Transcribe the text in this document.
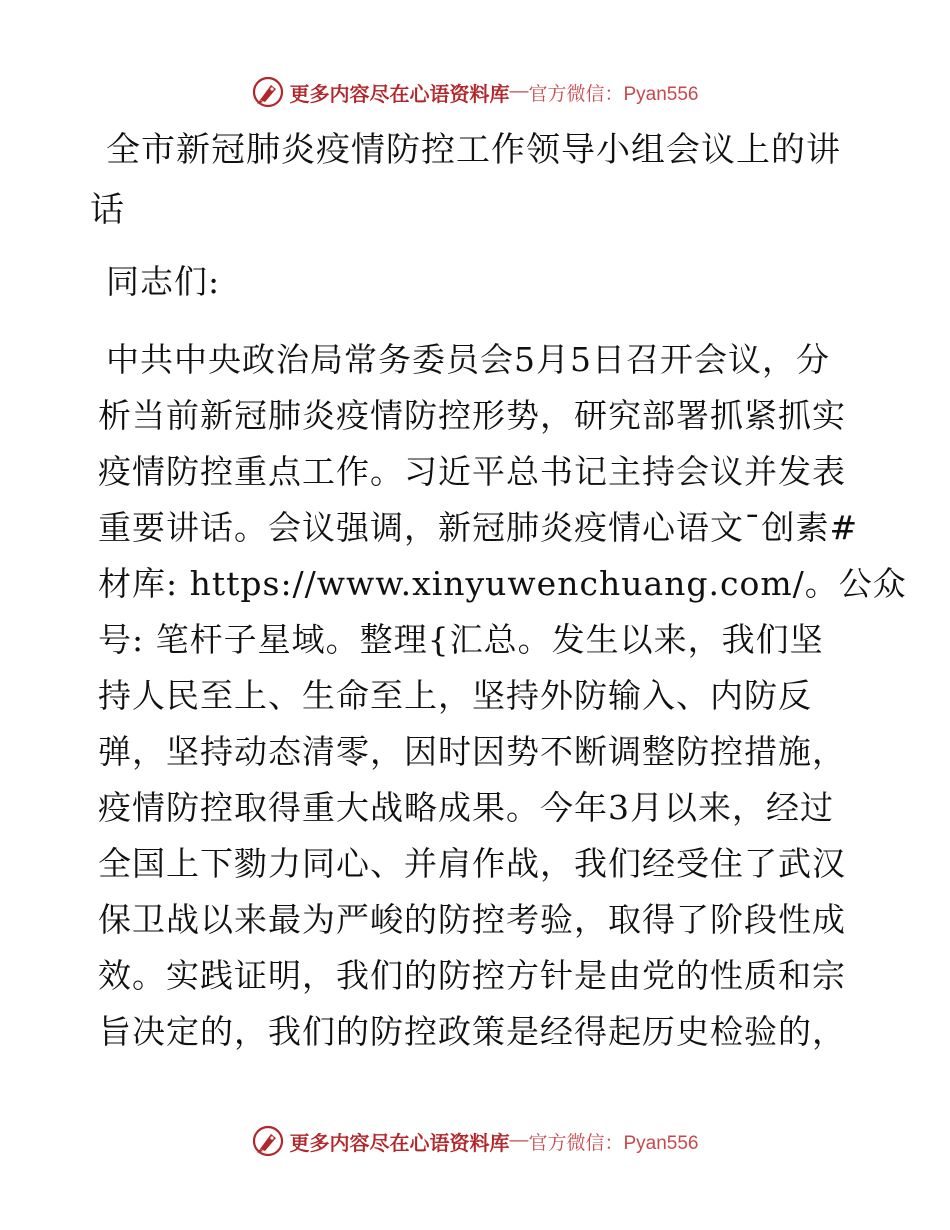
更多内容尽在心语资料库 — 官方微信：Pyan556
全市新冠肺炎疫情防控工作领导小组会议上的讲
话

同志们:

中共中央政治局常务委员会5月5日召开会议，分
析当前新冠肺炎疫情防控形势，研究部署抓紧抓实
疫情防控重点工作。习近平总书记主持会议并发表
重要讲话。会议强调，新冠肺炎疫情心语文¯创素#
材库: https://www.xinyuwenchuang.com/。公众
号: 笔杆子星域。整理{汇总。发生以来，我们坚
持人民至上、生命至上，坚持外防输入、内防反
弹，坚持动态清零，因时因势不断调整防控措施，
疫情防控取得重大战略成果。今年3月以来，经过
全国上下勠力同心、并肩作战，我们经受住了武汉
保卫战以来最为严峻的防控考验，取得了阶段性成
效。实践证明，我们的防控方针是由党的性质和宗
旨决定的，我们的防控政策是经得起历史检验的，

更多内容尽在心语资料库 — 官方微信：Pyan556
